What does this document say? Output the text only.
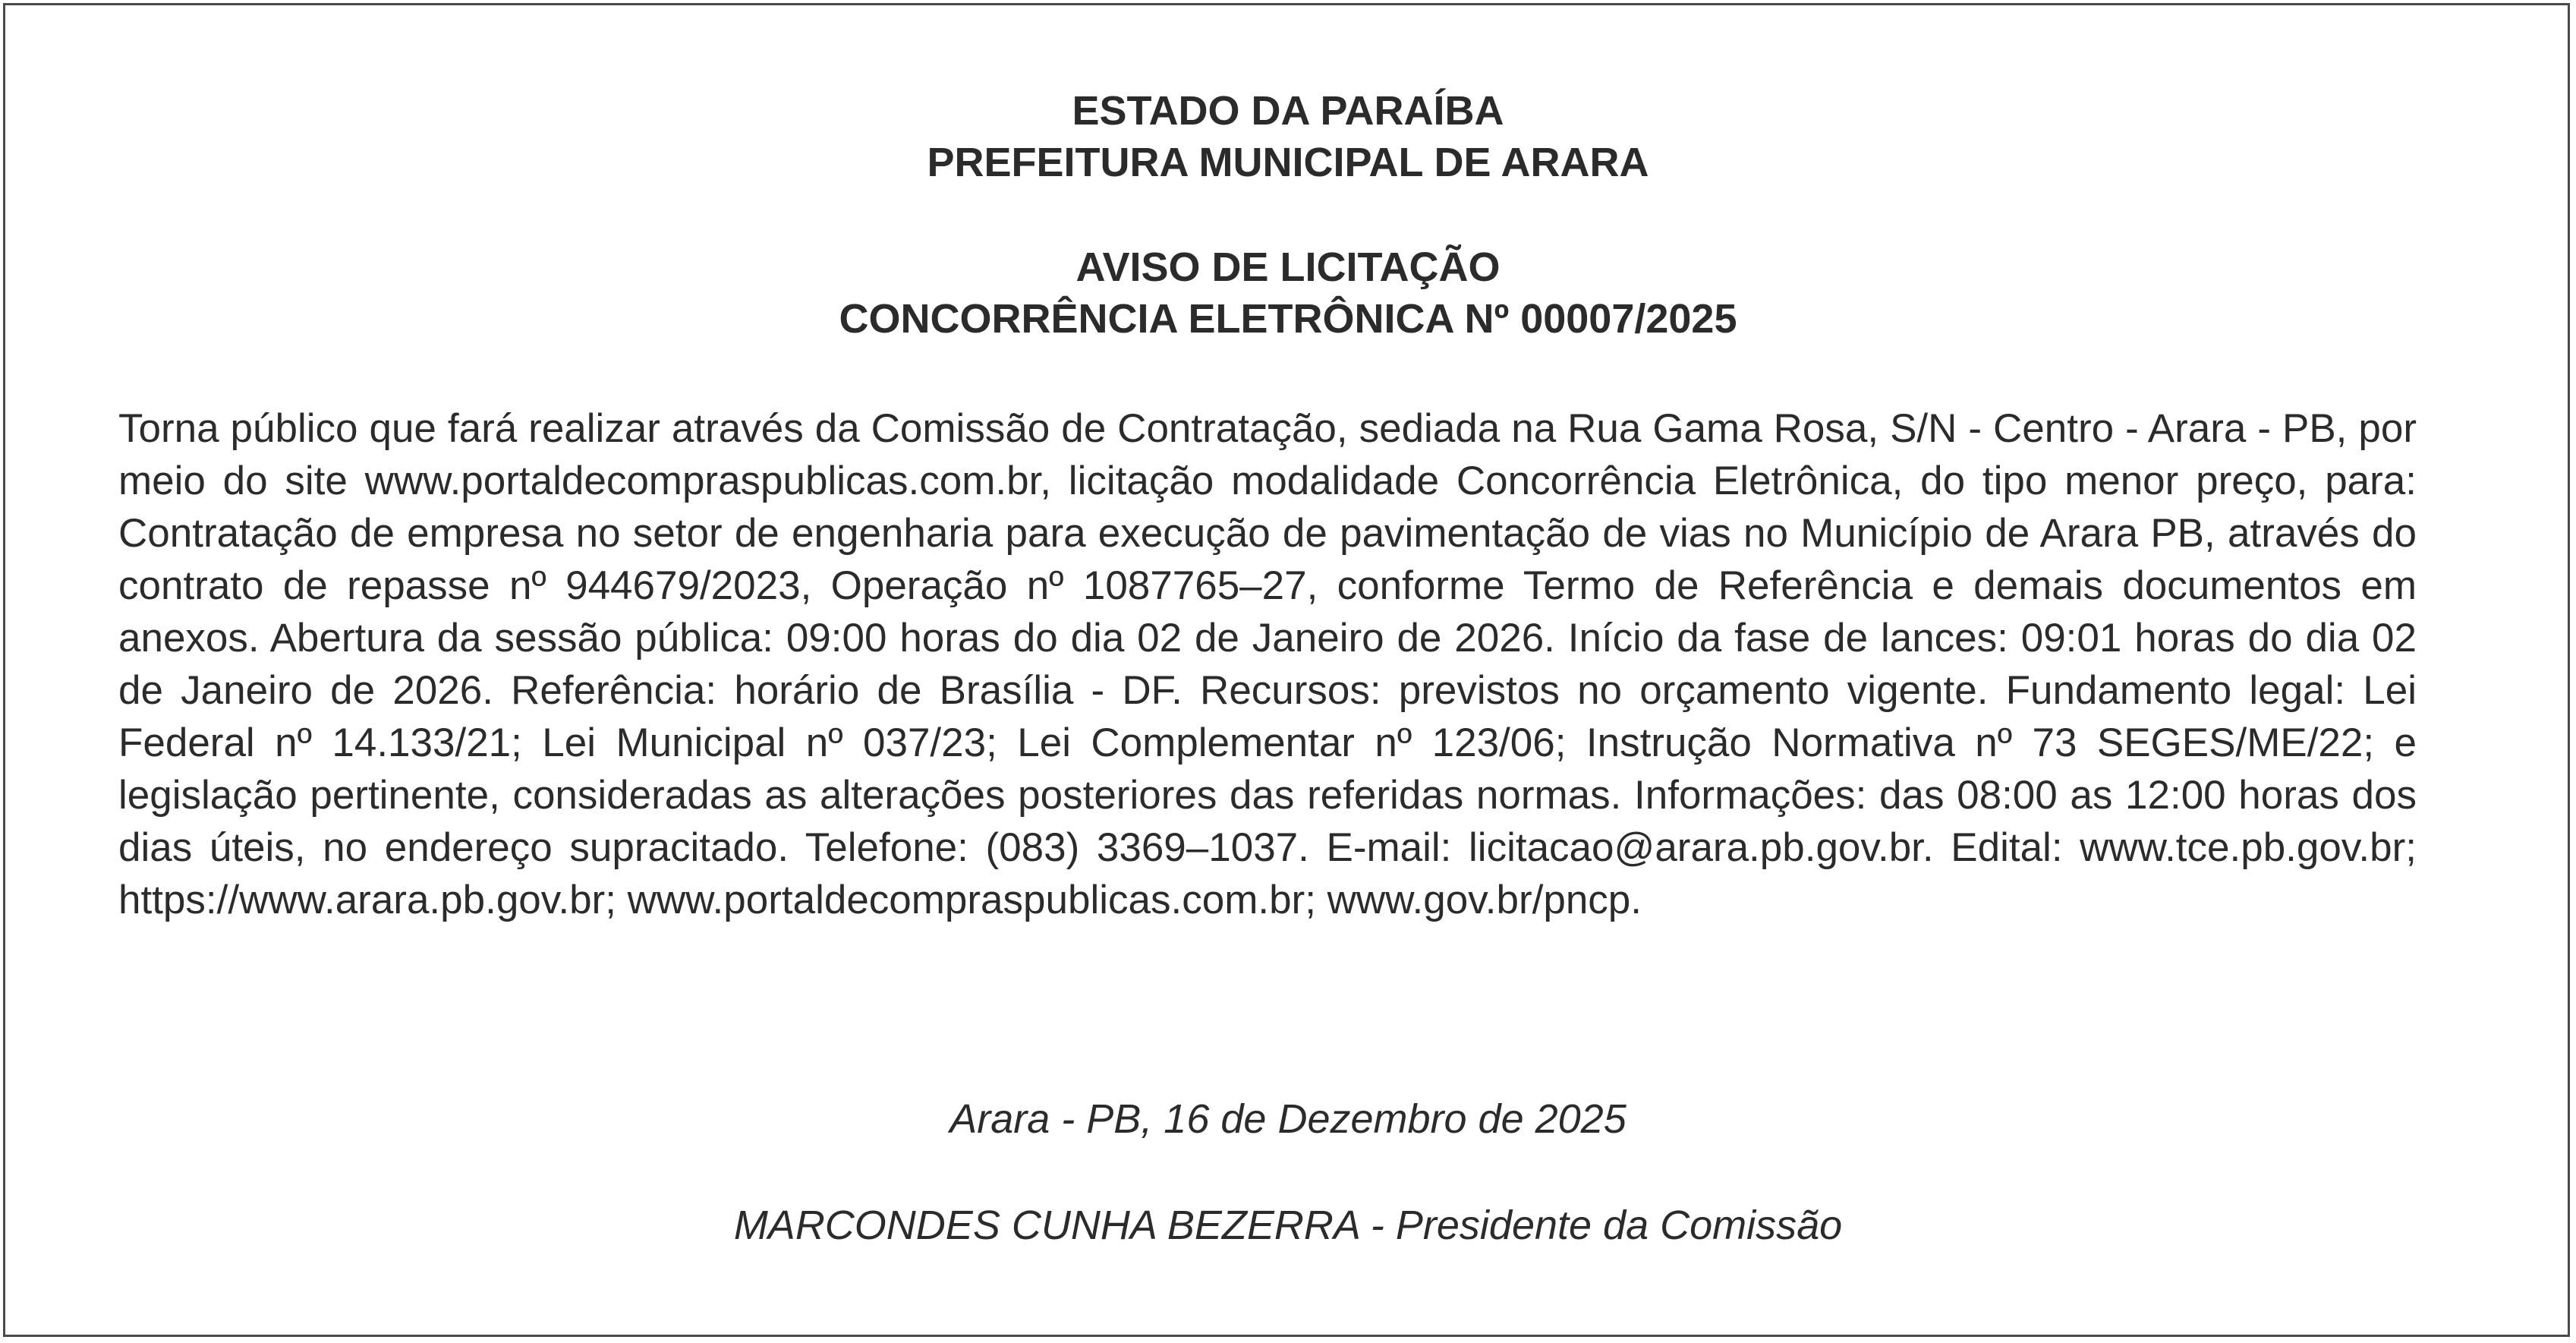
ESTADO DA PARAÍBA
PREFEITURA MUNICIPAL DE ARARA
AVISO DE LICITAÇÃO
CONCORRÊNCIA ELETRÔNICA Nº 00007/2025

Torna público que fará realizar através da Comissão de Contratação, sediada na Rua Gama Rosa, S/N - Centro - Arara - PB, por meio do site www.portaldecompraspublicas.com.br, licitação modalidade Concorrência Eletrônica, do tipo menor preço, para: Contratação de empresa no setor de engenharia para execução de pavimentação de vias no Município de Arara PB, através do contrato de repasse nº 944679/2023, Operação nº 1087765–27, conforme Termo de Referência e demais documentos em anexos. Abertura da sessão pública: 09:00 horas do dia 02 de Janeiro de 2026. Início da fase de lances: 09:01 horas do dia 02 de Janeiro de 2026. Referência: horário de Brasília - DF. Recursos: previstos no orçamento vigente. Fundamento legal: Lei Federal nº 14.133/21; Lei Municipal nº 037/23; Lei Complementar nº 123/06; Instrução Normativa nº 73 SEGES/ME/22; e legislação pertinente, consideradas as alterações posteriores das referidas normas. Informações: das 08:00 as 12:00 horas dos dias úteis, no endereço supracitado. Telefone: (083) 3369–1037. E-mail: licitacao@arara.pb.gov.br. Edital: www.tce.pb.gov.br; https://www.arara.pb.gov.br; www.portaldecompraspublicas.com.br; www.gov.br/pncp.

Arara - PB, 16 de Dezembro de 2025
MARCONDES CUNHA BEZERRA - Presidente da Comissão
